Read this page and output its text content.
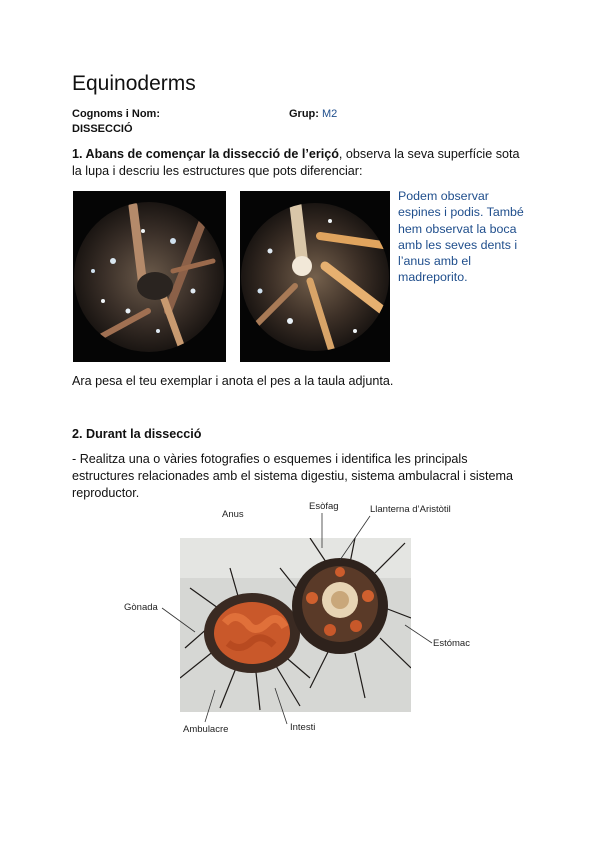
Equinoderms
Cognoms i Nom:	Grup: M2
DISSECCIÓ
1. Abans de començar la dissecció de l’eriçó, observa la seva superfície sota la lupa i descriu les estructures que pots diferenciar:
Podem observar espines i podis. També hem observat la boca amb les seves dents i l’anus amb el madreporito.
Ara pesa el teu exemplar i anota el pes a la taula adjunta.
2. Durant la dissecció
- Realitza una o vàries fotografies o esquemes i identifica les principals estructures relacionades amb el sistema digestiu, sistema ambulacral i sistema reproductor.
Anus
Esòfag	Llanterna d’Aristòtil
Gònada
Estómac
Ambulacre	Intesti
